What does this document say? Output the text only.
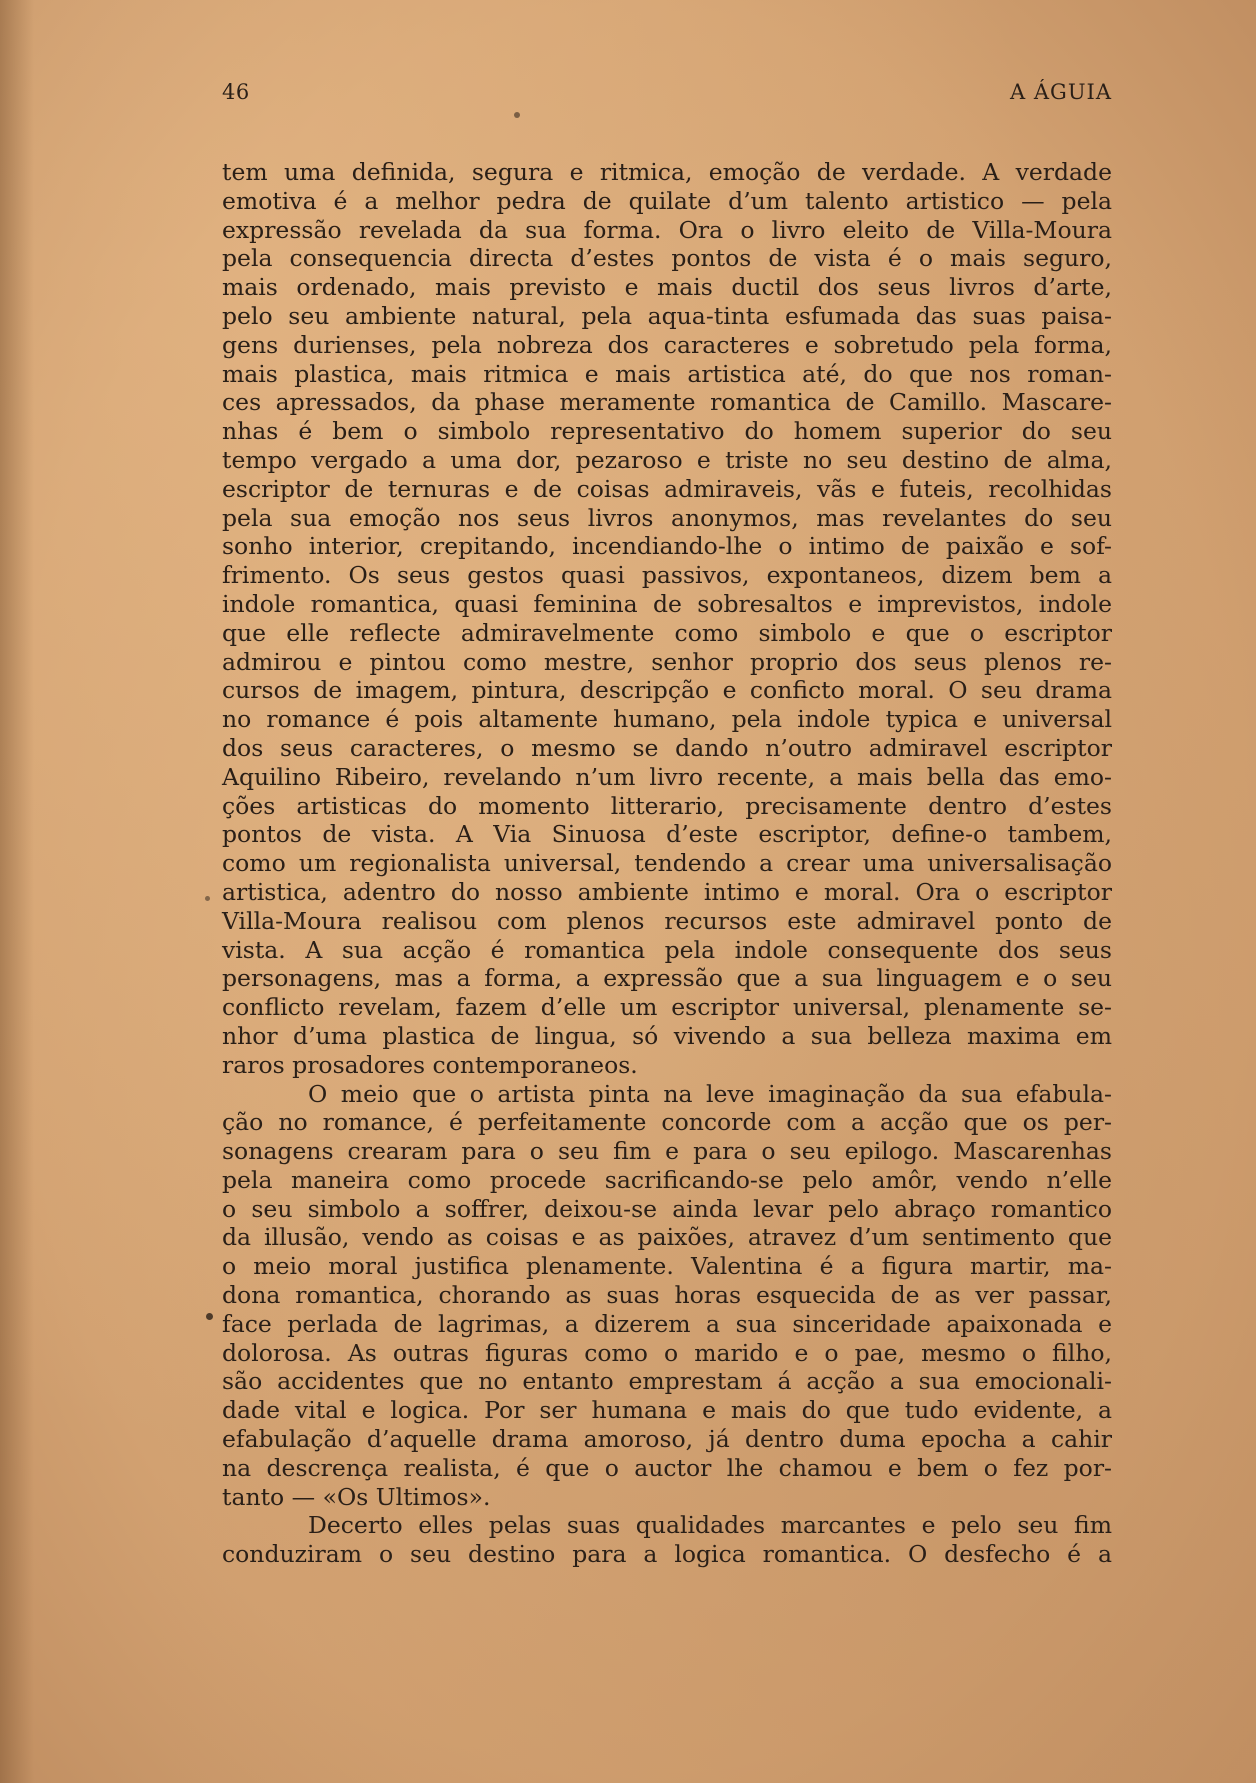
46	A ÁGUIA
tem uma definida, segura e ritmica, emoção de verdade. A verdade
emotiva é a melhor pedra de quilate d’um talento artistico — pela
expressão revelada da sua forma. Ora o livro eleito de Villa-Moura
pela consequencia directa d’estes pontos de vista é o mais seguro,
mais ordenado, mais previsto e mais ductil dos seus livros d’arte,
pelo seu ambiente natural, pela aqua-tinta esfumada das suas paisa-
gens durienses, pela nobreza dos caracteres e sobretudo pela forma,
mais plastica, mais ritmica e mais artistica até, do que nos roman-
ces apressados, da phase meramente romantica de Camillo. Mascare-
nhas é bem o simbolo representativo do homem superior do seu
tempo vergado a uma dor, pezaroso e triste no seu destino de alma,
escriptor de ternuras e de coisas admiraveis, vãs e futeis, recolhidas
pela sua emoção nos seus livros anonymos, mas revelantes do seu
sonho interior, crepitando, incendiando-lhe o intimo de paixão e sof-
frimento. Os seus gestos quasi passivos, expontaneos, dizem bem a
indole romantica, quasi feminina de sobresaltos e imprevistos, indole
que elle reflecte admiravelmente como simbolo e que o escriptor
admirou e pintou como mestre, senhor proprio dos seus plenos re-
cursos de imagem, pintura, descripção e conficto moral. O seu drama
no romance é pois altamente humano, pela indole typica e universal
dos seus caracteres, o mesmo se dando n’outro admiravel escriptor
Aquilino Ribeiro, revelando n’um livro recente, a mais bella das emo-
ções artisticas do momento litterario, precisamente dentro d’estes
pontos de vista. A Via Sinuosa d’este escriptor, define-o tambem,
como um regionalista universal, tendendo a crear uma universalisação
artistica, adentro do nosso ambiente intimo e moral. Ora o escriptor
Villa-Moura realisou com plenos recursos este admiravel ponto de
vista. A sua acção é romantica pela indole consequente dos seus
personagens, mas a forma, a expressão que a sua linguagem e o seu
conflicto revelam, fazem d’elle um escriptor universal, plenamente se-
nhor d’uma plastica de lingua, só vivendo a sua belleza maxima em
raros prosadores contemporaneos.
O meio que o artista pinta na leve imaginação da sua efabula-
ção no romance, é perfeitamente concorde com a acção que os per-
sonagens crearam para o seu fim e para o seu epilogo. Mascarenhas
pela maneira como procede sacrificando-se pelo amôr, vendo n’elle
o seu simbolo a soffrer, deixou-se ainda levar pelo abraço romantico
da illusão, vendo as coisas e as paixões, atravez d’um sentimento que
o meio moral justifica plenamente. Valentina é a figura martir, ma-
dona romantica, chorando as suas horas esquecida de as ver passar,
face perlada de lagrimas, a dizerem a sua sinceridade apaixonada e
dolorosa. As outras figuras como o marido e o pae, mesmo o filho,
são accidentes que no entanto emprestam á acção a sua emocionali-
dade vital e logica. Por ser humana e mais do que tudo evidente, a
efabulação d’aquelle drama amoroso, já dentro duma epocha a cahir
na descrença realista, é que o auctor lhe chamou e bem o fez por-
tanto — «Os Ultimos».
Decerto elles pelas suas qualidades marcantes e pelo seu fim
conduziram o seu destino para a logica romantica. O desfecho é a
